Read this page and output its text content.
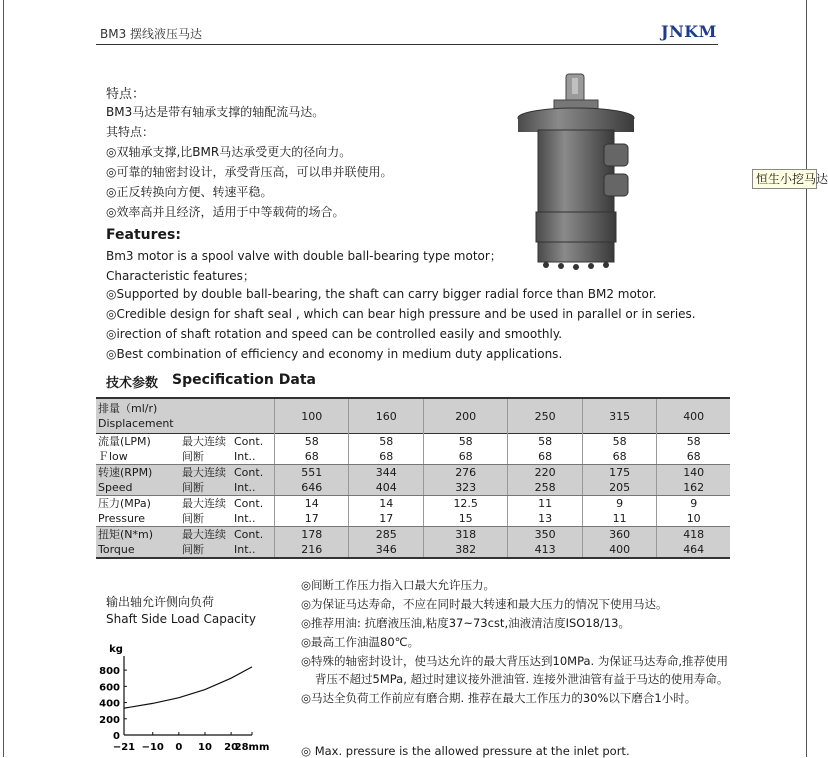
BM3 摆线液压马达	JNKM
恒生小挖马达
特点：
BM3马达是带有轴承支撑的轴配流马达。
其特点：
◎双轴承支撑,比BMR马达承受更大的径向力。
◎可靠的轴密封设计，承受背压高，可以串并联使用。
◎正反转换向方便、转速平稳。
◎效率高并且经济，适用于中等载荷的场合。
Features:
Bm3 motor is a spool valve with double ball-bearing type motor；
Characteristic features；
◎Supported by double ball-bearing, the shaft can carry bigger radial force than BM2 motor.
◎Credible design for shaft seal , which can bear high pressure and be used in parallel or in series.
◎irection of shaft rotation and speed can be controlled easily and smoothly.
◎Best combination of efficiency and economy in medium duty applications.
技术参数 Specification Data
排量（ml/r)
Displacement			100	160	200	250	315	400
流量(LPM)	最大连续	Cont.	58	58	58	58	58	58
Ｆlow	间断	Int..	68	68	68	68	68	68
转速(RPM)	最大连续	Cont.	551	344	276	220	175	140
Speed	间断	Int..	646	404	323	258	205	162
压力(MPa)	最大连续	Cont.	14	14	12.5	11	9	9
Pressure	间断	Int..	17	17	15	13	11	10
扭矩(N*m)	最大连续	Cont.	178	285	318	350	360	418
Torque	间断	Int..	216	346	382	413	400	464
输出轴允许侧向负荷
Shaft Side Load Capacity
kg
800
600
400
200
0
−21 −10 0 10 20
28mm
◎间断工作压力指入口最大允许压力。
◎为保证马达寿命，不应在同时最大转速和最大压力的情况下使用马达。
◎推荐用油: 抗磨液压油,粘度37~73cst,油液清洁度ISO18/13。
◎最高工作油温80℃。
◎特殊的轴密封设计，使马达允许的最大背压达到10MPa. 为保证马达寿命,推荐使用
背压不超过5MPa, 超过时建议接外泄油管. 连接外泄油管有益于马达的使用寿命。
◎马达全负荷工作前应有磨合期. 推荐在最大工作压力的30%以下磨合1小时。
◎ Max. pressure is the allowed pressure at the inlet port.
